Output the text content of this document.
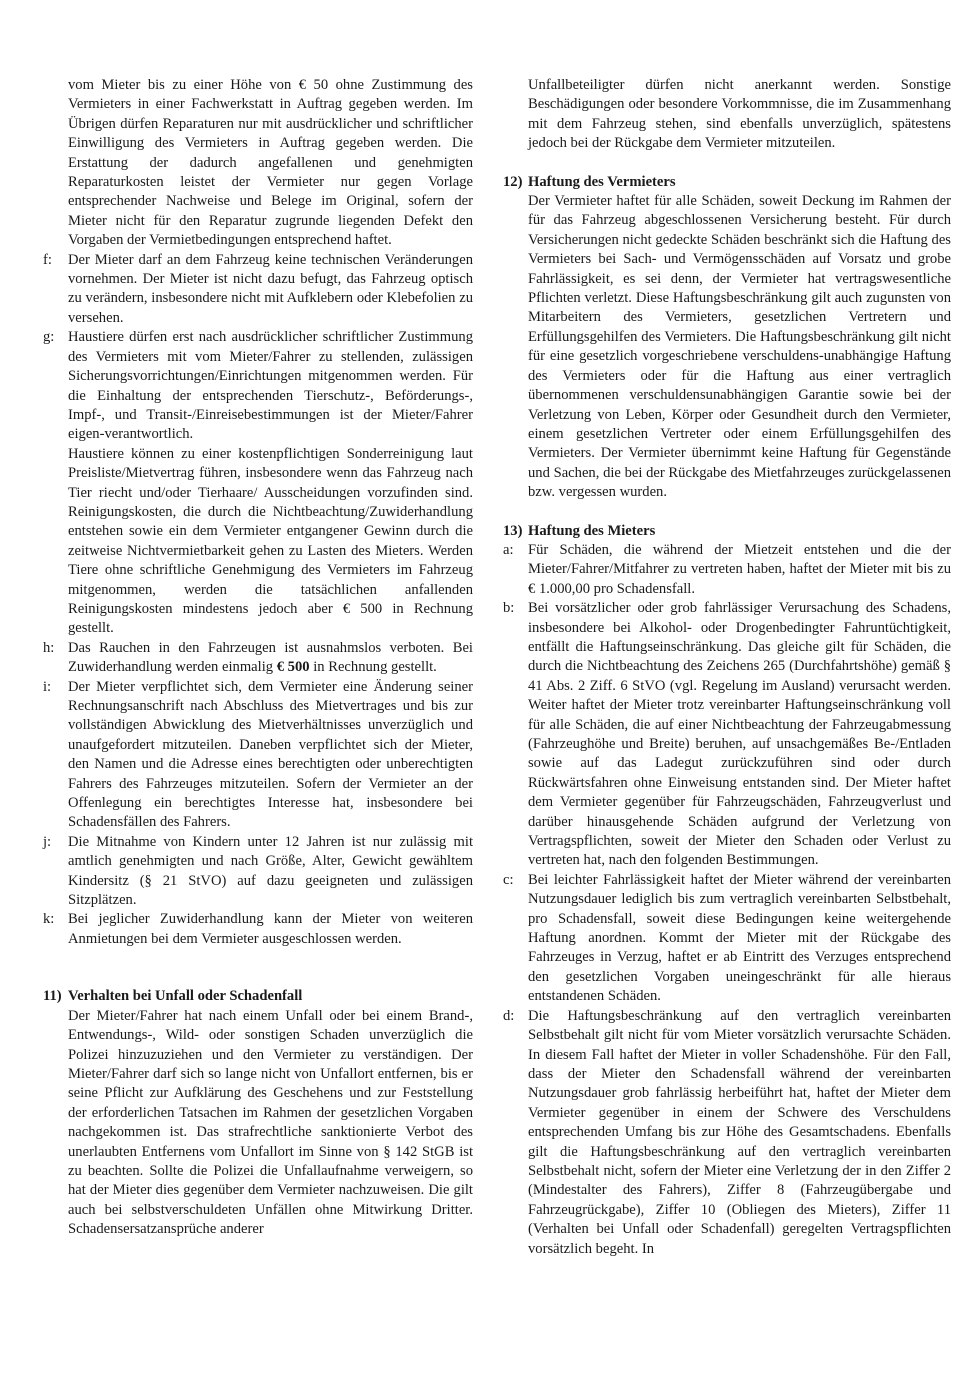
vom Mieter bis zu einer Höhe von € 50 ohne Zustimmung des Vermieters in einer Fachwerkstatt in Auftrag gegeben werden. Im Übrigen dürfen Reparaturen nur mit ausdrücklicher und schriftlicher Einwilligung des Vermieters in Auftrag gegeben werden. Die Erstattung der dadurch angefallenen und genehmigten Reparaturkosten leistet der Vermieter nur gegen Vorlage entsprechender Nachweise und Belege im Original, sofern der Mieter nicht für den Reparatur zugrunde liegenden Defekt den Vorgaben der Vermietbedingungen entsprechend haftet.

f:	Der Mieter darf an dem Fahrzeug keine technischen Veränderungen vornehmen. Der Mieter ist nicht dazu befugt, das Fahrzeug optisch zu verändern, insbesondere nicht mit Aufklebern oder Klebefolien zu versehen.

g: Haustiere dürfen erst nach ausdrücklicher schriftlicher Zustimmung des Vermieters mit vom Mieter/Fahrer zu stellenden, zulässigen Sicherungsvorrichtungen/Einrichtungen mitgenommen werden. Für die Einhaltung der entsprechenden Tierschutz-, Beförderungs-, Impf-, und Transit-/Einreisebestimmungen ist der Mieter/Fahrer eigen-verantwortlich.

Haustiere können zu einer kostenpflichtigen Sonderreinigung laut Preisliste/Mietvertrag führen, insbesondere wenn das Fahrzeug nach Tier riecht und/oder Tierhaare/ Ausscheidungen vorzufinden sind. Reinigungskosten, die durch die Nichtbeachtung/Zuwiderhandlung entstehen sowie ein dem Vermieter entgangener Gewinn durch die zeitweise Nichtvermietbarkeit gehen zu Lasten des Mieters. Werden Tiere ohne schriftliche Genehmigung des Vermieters im Fahrzeug mitgenommen, werden die tatsächlichen anfallenden Reinigungskosten mindestens jedoch aber € 500 in Rechnung gestellt.

h: Das Rauchen in den Fahrzeugen ist ausnahmslos verboten. Bei Zuwiderhandlung werden einmalig € 500 in Rechnung gestellt.

i:	Der Mieter verpflichtet sich, dem Vermieter eine Änderung seiner Rechnungsanschrift nach Abschluss des Mietvertrages und bis zur vollständigen Abwicklung des Mietverhältnisses unverzüglich und unaufgefordert mitzuteilen. Daneben verpflichtet sich der Mieter, den Namen und die Adresse eines berechtigten oder unberechtigten Fahrers des Fahrzeuges mitzuteilen. Sofern der Vermieter an der Offenlegung ein berechtigtes Interesse hat, insbesondere bei Schadensfällen des Fahrers.

j:	Die Mitnahme von Kindern unter 12 Jahren ist nur zulässig mit amtlich genehmigten und nach Größe, Alter, Gewicht gewähltem Kindersitz (§ 21 StVO) auf dazu geeigneten und zulässigen Sitzplätzen.

k: Bei jeglicher Zuwiderhandlung kann der Mieter von weiteren Anmietungen bei dem Vermieter ausgeschlossen werden.

11) Verhalten bei Unfall oder Schadenfall

Der Mieter/Fahrer hat nach einem Unfall oder bei einem Brand-, Entwendungs-, Wild- oder sonstigen Schaden unverzüglich die Polizei hinzuzuziehen und den Vermieter zu verständigen. Der Mieter/Fahrer darf sich so lange nicht von Unfallort entfernen, bis er seine Pflicht zur Aufklärung des Geschehens und zur Feststellung der erforderlichen Tatsachen im Rahmen der gesetzlichen Vorgaben nachgekommen ist. Das strafrechtliche sanktionierte Verbot des unerlaubten Entfernens vom Unfallort im Sinne von § 142 StGB ist zu beachten. Sollte die Polizei die Unfallaufnahme verweigern, so hat der Mieter dies gegenüber dem Vermieter nachzuweisen. Die gilt auch bei selbstverschuldeten Unfällen ohne Mitwirkung Dritter. Schadensersatzansprüche anderer

Unfallbeteiligter dürfen nicht anerkannt werden. Sonstige Beschädigungen oder besondere Vorkommnisse, die im Zusammenhang mit dem Fahrzeug stehen, sind ebenfalls unverzüglich, spätestens jedoch bei der Rückgabe dem Vermieter mitzuteilen.

12) Haftung des Vermieters

Der Vermieter haftet für alle Schäden, soweit Deckung im Rahmen der für das Fahrzeug abgeschlossenen Versicherung besteht. Für durch Versicherungen nicht gedeckte Schäden beschränkt sich die Haftung des Vermieters bei Sach- und Vermögensschäden auf Vorsatz und grobe Fahrlässigkeit, es sei denn, der Vermieter hat vertragswesentliche Pflichten verletzt. Diese Haftungsbeschränkung gilt auch zugunsten von Mitarbeitern des Vermieters, gesetzlichen Vertretern und Erfüllungsgehilfen des Vermieters. Die Haftungsbeschränkung gilt nicht für eine gesetzlich vorgeschriebene verschuldens-unabhängige Haftung des Vermieters oder für die Haftung aus einer vertraglich übernommenen verschuldensunabhängigen Garantie sowie bei der Verletzung von Leben, Körper oder Gesundheit durch den Vermieter, einem gesetzlichen Vertreter oder einem Erfüllungsgehilfen des Vermieters. Der Vermieter übernimmt keine Haftung für Gegenstände und Sachen, die bei der Rückgabe des Mietfahrzeuges zurückgelassenen bzw. vergessen wurden.

13) Haftung des Mieters
a: Für Schäden, die während der Mietzeit entstehen und die der Mieter/Fahrer/Mitfahrer zu vertreten haben, haftet der Mieter mit bis zu € 1.000,00 pro Schadensfall.

b: Bei vorsätzlicher oder grob fahrlässiger Verursachung des Schadens, insbesondere bei Alkohol- oder Drogenbedingter Fahruntüchtigkeit, entfällt die Haftungseinschränkung. Das gleiche gilt für Schäden, die durch die Nichtbeachtung des Zeichens 265 (Durchfahrtshöhe) gemäß § 41 Abs. 2 Ziff. 6 StVO (vgl. Regelung im Ausland) verursacht werden. Weiter haftet der Mieter trotz vereinbarter Haftungseinschränkung voll für alle Schäden, die auf einer Nichtbeachtung der Fahrzeugabmessung (Fahrzeughöhe und Breite) beruhen, auf unsachgemäßes Be-/Entladen sowie auf das Ladegut zurückzuführen sind oder durch Rückwärtsfahren ohne Einweisung entstanden sind. Der Mieter haftet dem Vermieter gegenüber für Fahrzeugschäden, Fahrzeugverlust und darüber hinausgehende Schäden aufgrund der Verletzung von Vertragspflichten, soweit der Mieter den Schaden oder Verlust zu vertreten hat, nach den folgenden Bestimmungen.

c: Bei leichter Fahrlässigkeit haftet der Mieter während der vereinbarten Nutzungsdauer lediglich bis zum vertraglich vereinbarten Selbstbehalt, pro Schadensfall, soweit diese Bedingungen keine weitergehende Haftung anordnen. Kommt der Mieter mit der Rückgabe des Fahrzeuges in Verzug, haftet er ab Eintritt des Verzuges entsprechend den gesetzlichen Vorgaben uneingeschränkt für alle hieraus entstandenen Schäden.

d: Die Haftungsbeschränkung auf den vertraglich vereinbarten Selbstbehalt gilt nicht für vom Mieter vorsätzlich verursachte Schäden. In diesem Fall haftet der Mieter in voller Schadenshöhe. Für den Fall, dass der Mieter den Schadensfall während der vereinbarten Nutzungsdauer grob fahrlässig herbeiführt hat, haftet der Mieter dem Vermieter gegenüber in einem der Schwere des Verschuldens entsprechenden Umfang bis zur Höhe des Gesamtschadens. Ebenfalls gilt die Haftungsbeschränkung auf den vertraglich vereinbarten Selbstbehalt nicht, sofern der Mieter eine Verletzung der in den Ziffer 2 (Mindestalter des Fahrers), Ziffer 8 (Fahrzeugübergabe und Fahrzeugrückgabe), Ziffer 10 (Obliegen des Mieters), Ziffer 11 (Verhalten bei Unfall oder Schadenfall) geregelten Vertragspflichten vorsätzlich begeht. In
